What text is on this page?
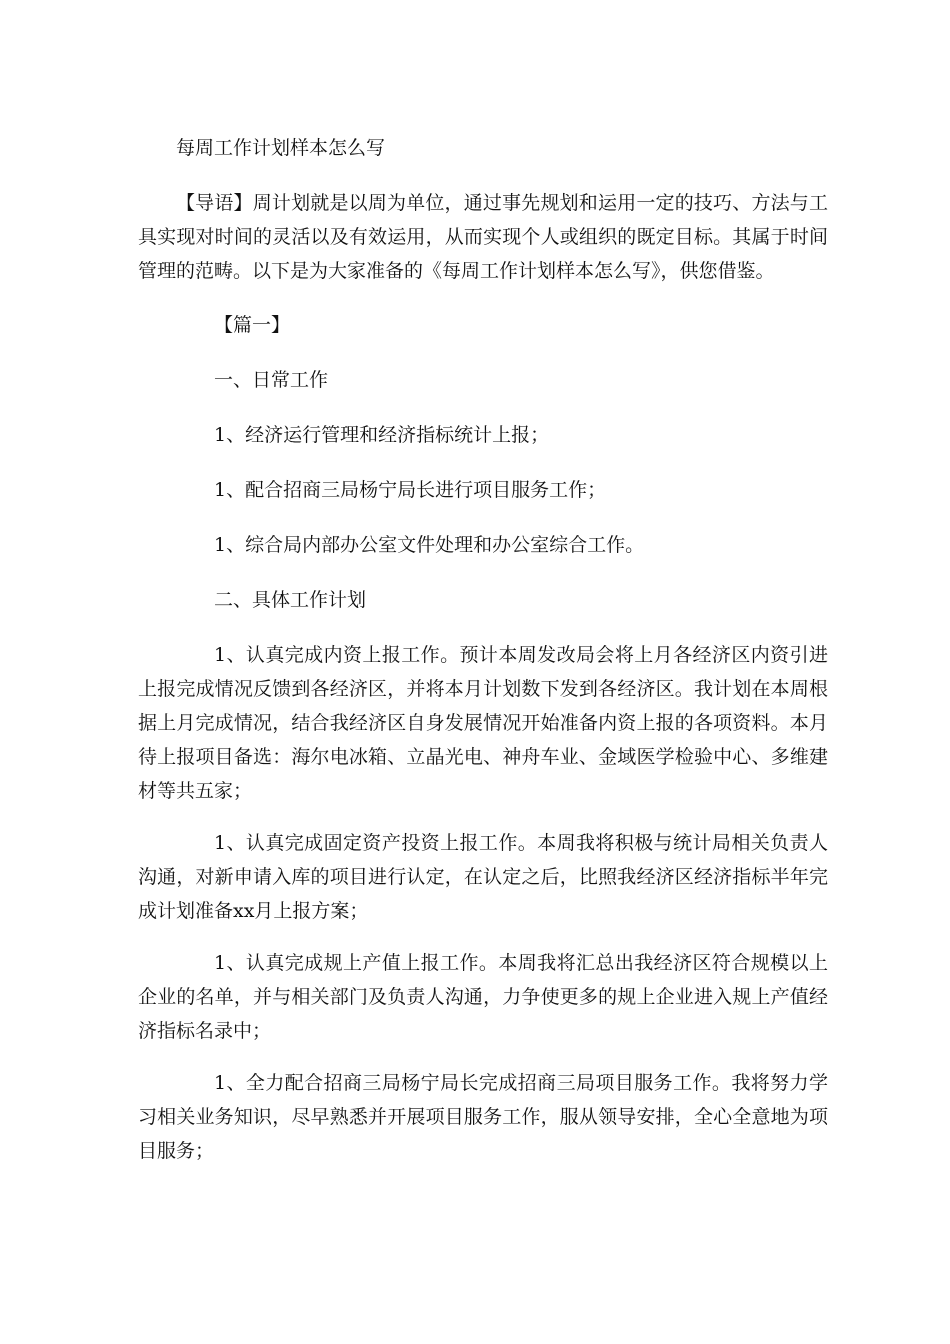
每周工作计划样本怎么写

【导语】周计划就是以周为单位，通过事先规划和运用一定的技巧、方法与工具实现对时间的灵活以及有效运用，从而实现个人或组织的既定目标。其属于时间管理的范畴。以下是为大家准备的《每周工作计划样本怎么写》，供您借鉴。

【篇一】

一、日常工作

1、经济运行管理和经济指标统计上报；

1、配合招商三局杨宁局长进行项目服务工作；

1、综合局内部办公室文件处理和办公室综合工作。

二、具体工作计划

1、认真完成内资上报工作。预计本周发改局会将上月各经济区内资引进上报完成情况反馈到各经济区，并将本月计划数下发到各经济区。我计划在本周根据上月完成情况，结合我经济区自身发展情况开始准备内资上报的各项资料。本月待上报项目备选：海尔电冰箱、立晶光电、神舟车业、金域医学检验中心、多维建材等共五家；

1、认真完成固定资产投资上报工作。本周我将积极与统计局相关负责人沟通，对新申请入库的项目进行认定，在认定之后，比照我经济区经济指标半年完成计划准备xx月上报方案；

1、认真完成规上产值上报工作。本周我将汇总出我经济区符合规模以上企业的名单，并与相关部门及负责人沟通，力争使更多的规上企业进入规上产值经济指标名录中；

1、全力配合招商三局杨宁局长完成招商三局项目服务工作。我将努力学习相关业务知识，尽早熟悉并开展项目服务工作，服从领导安排，全心全意地为项目服务；
